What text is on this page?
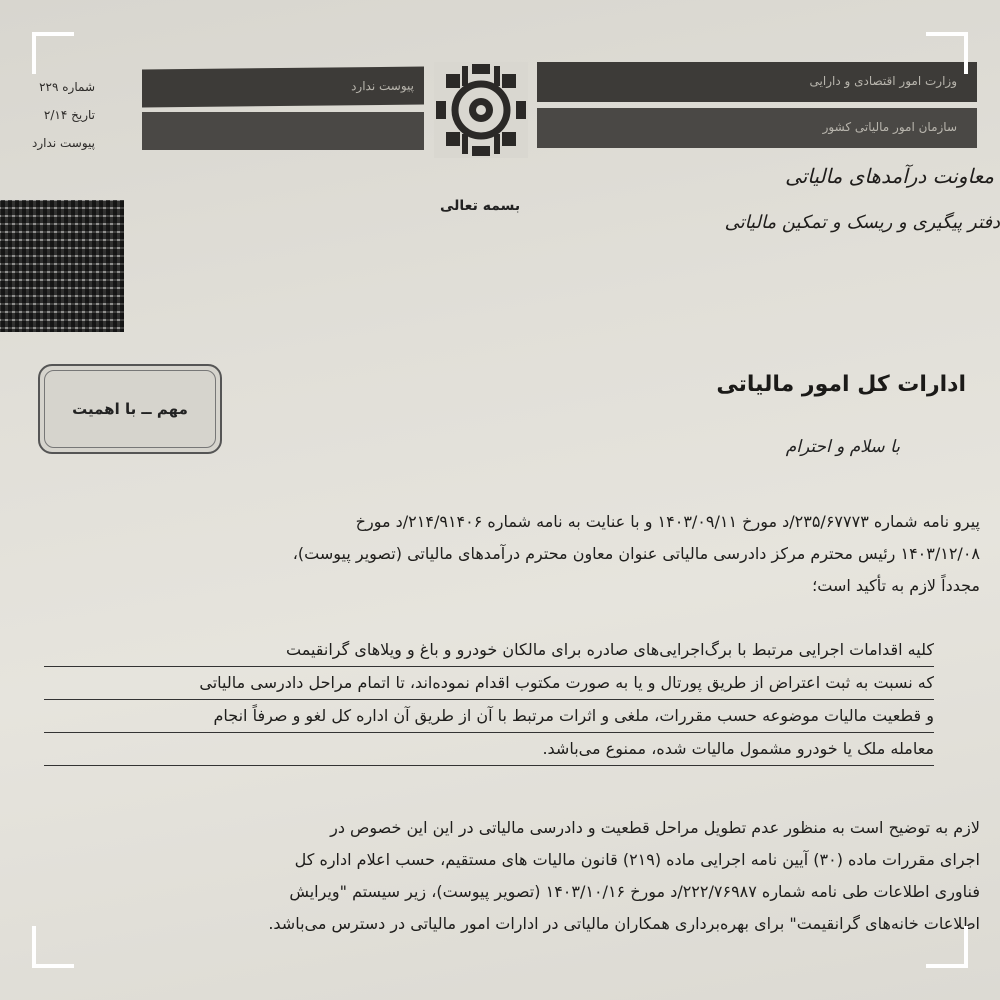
پیوست ندارد	وزارت امور اقتصادی و دارایی
سازمان امور مالیاتی کشور
شماره ۲۲۹
تاریخ ۲/۱۴
پیوست ندارد
معاونت درآمدهای مالیاتی
دفتر پیگیری و ریسک و تمکین مالیاتی
بسمه تعالی
مهم ــ با اهمیت
ادارات کل امور مالیاتی
با سلام و احترام
پیرو نامه شماره ۲۳۵/۶۷۷۷۳/د مورخ ۱۴۰۳/۰۹/۱۱ و با عنایت به نامه شماره ۲۱۴/۹۱۴۰۶/د مورخ
۱۴۰۳/۱۲/۰۸ رئیس محترم مرکز دادرسی مالیاتی عنوان معاون محترم درآمدهای مالیاتی (تصویر پیوست)،
مجدداً لازم به تأکید است؛
کلیه اقدامات اجرایی مرتبط با برگ‌اجرایی‌های صادره برای مالکان خودرو و باغ و ویلاهای گرانقیمت
که نسبت به ثبت اعتراض از طریق پورتال و یا به صورت مکتوب اقدام نموده‌اند، تا اتمام مراحل دادرسی مالیاتی
و قطعیت مالیات موضوعه حسب مقررات، ملغی و اثرات مرتبط با آن از طریق آن اداره کل لغو و صرفاً انجام
معامله ملک یا خودرو مشمول مالیات شده، ممنوع می‌باشد.
لازم به توضیح است به منظور عدم تطویل مراحل قطعیت و دادرسی مالیاتی در این این خصوص در
اجرای مقررات ماده (۳۰) آیین نامه اجرایی ماده (۲۱۹) قانون مالیات های مستقیم، حسب اعلام اداره کل
فناوری اطلاعات طی نامه شماره ۲۲۲/۷۶۹۸۷/د مورخ ۱۴۰۳/۱۰/۱۶ (تصویر پیوست)، زیر سیستم "ویرایش
اطلاعات خانه‌های گرانقیمت" برای بهره‌برداری همکاران مالیاتی در ادارات امور مالیاتی در دسترس می‌باشد.
